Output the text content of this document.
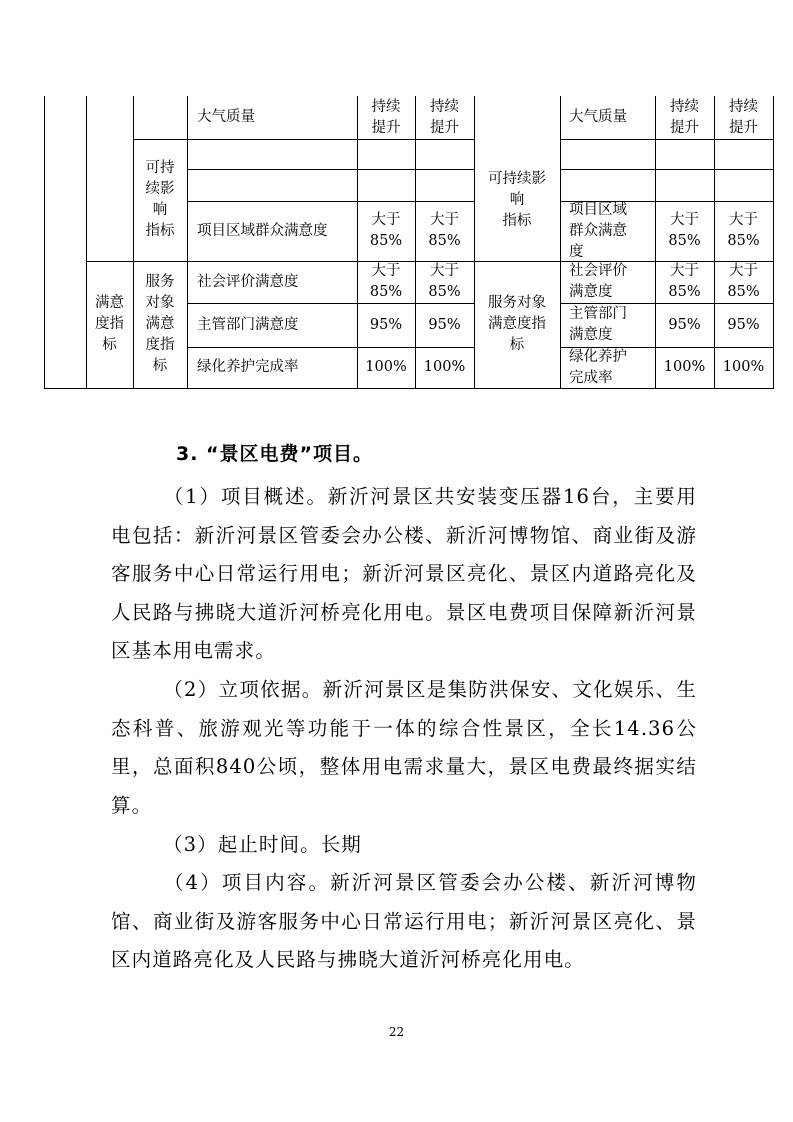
满意
度指
标
可持
续影
响
指标
服务
对象
满意
度指
标
可持续影
响
指标
服务对象
满意度指
标
大气质量
持续
提升
持续
提升
项目区域群众满意度
大于
85%
大于
85%
社会评价满意度
大于
85%
大于
85%
主管部门满意度	95% 95%
绿化养护完成率	100% 100%
大气质量
持续
提升
持续
提升
项目区域
群众满意
度
大于
85%
大于
85%
社会评价
满意度
大于
85%
大于
85%
主管部门
满意度
95% 95%
绿化养护
完成率
100% 100%
3. “景区电费”项目。

（1）项目概述。新沂河景区共安装变压器16台，主要用电包括：新沂河景区管委会办公楼、新沂河博物馆、商业街及游客服务中心日常运行用电；新沂河景区亮化、景区内道路亮化及人民路与拂晓大道沂河桥亮化用电。景区电费项目保障新沂河景区基本用电需求。

（2）立项依据。新沂河景区是集防洪保安、文化娱乐、生态科普、旅游观光等功能于一体的综合性景区，全长14.36公里，总面积840公顷，整体用电需求量大，景区电费最终据实结算。

（3）起止时间。长期

（4）项目内容。新沂河景区管委会办公楼、新沂河博物馆、商业街及游客服务中心日常运行用电；新沂河景区亮化、景区内道路亮化及人民路与拂晓大道沂河桥亮化用电。

22
